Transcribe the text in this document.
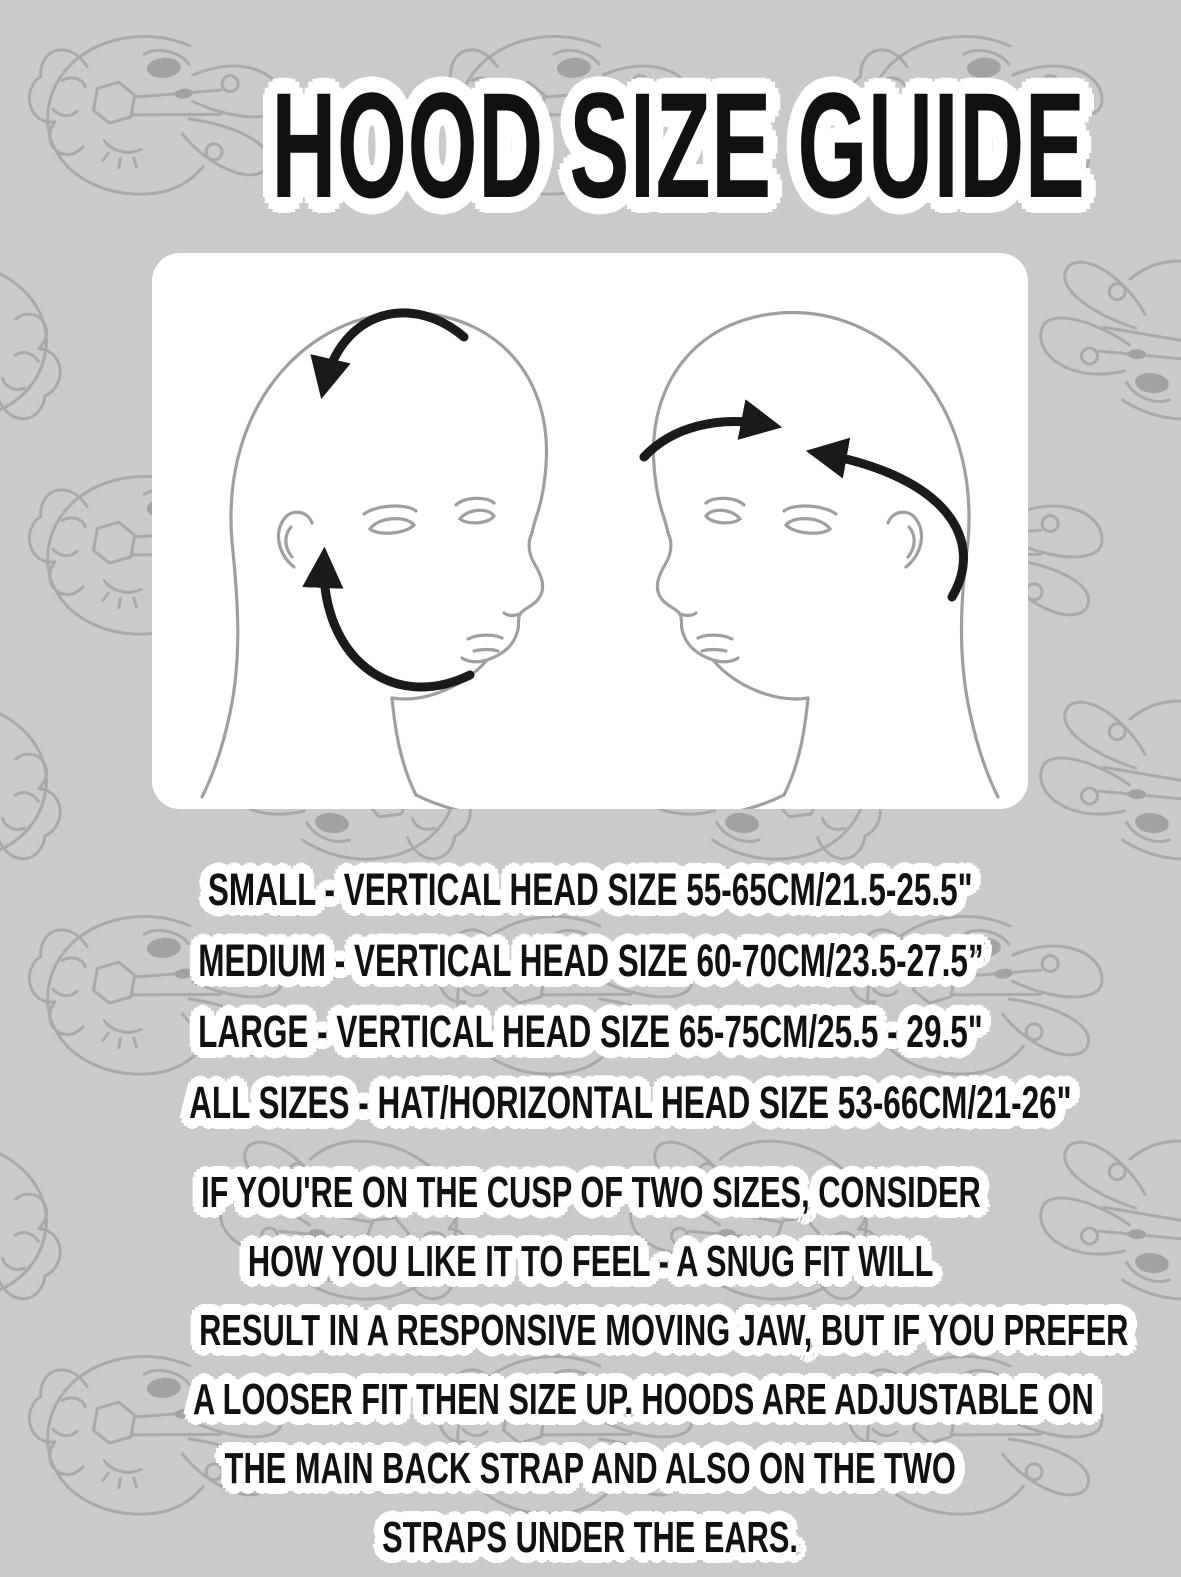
HOOD SIZE GUIDE
SMALL - VERTICAL HEAD SIZE 55-65CM/21.5-25.5"
MEDIUM - VERTICAL HEAD SIZE 60-70CM/23.5-27.5”
LARGE - VERTICAL HEAD SIZE 65-75CM/25.5 - 29.5"
ALL SIZES - HAT/HORIZONTAL HEAD SIZE 53-66CM/21-26"
IF YOU'RE ON THE CUSP OF TWO SIZES, CONSIDER
HOW YOU LIKE IT TO FEEL - A SNUG FIT WILL
RESULT IN A RESPONSIVE MOVING JAW, BUT IF YOU PREFER
A LOOSER FIT THEN SIZE UP. HOODS ARE ADJUSTABLE ON
THE MAIN BACK STRAP AND ALSO ON THE TWO
STRAPS UNDER THE EARS.
